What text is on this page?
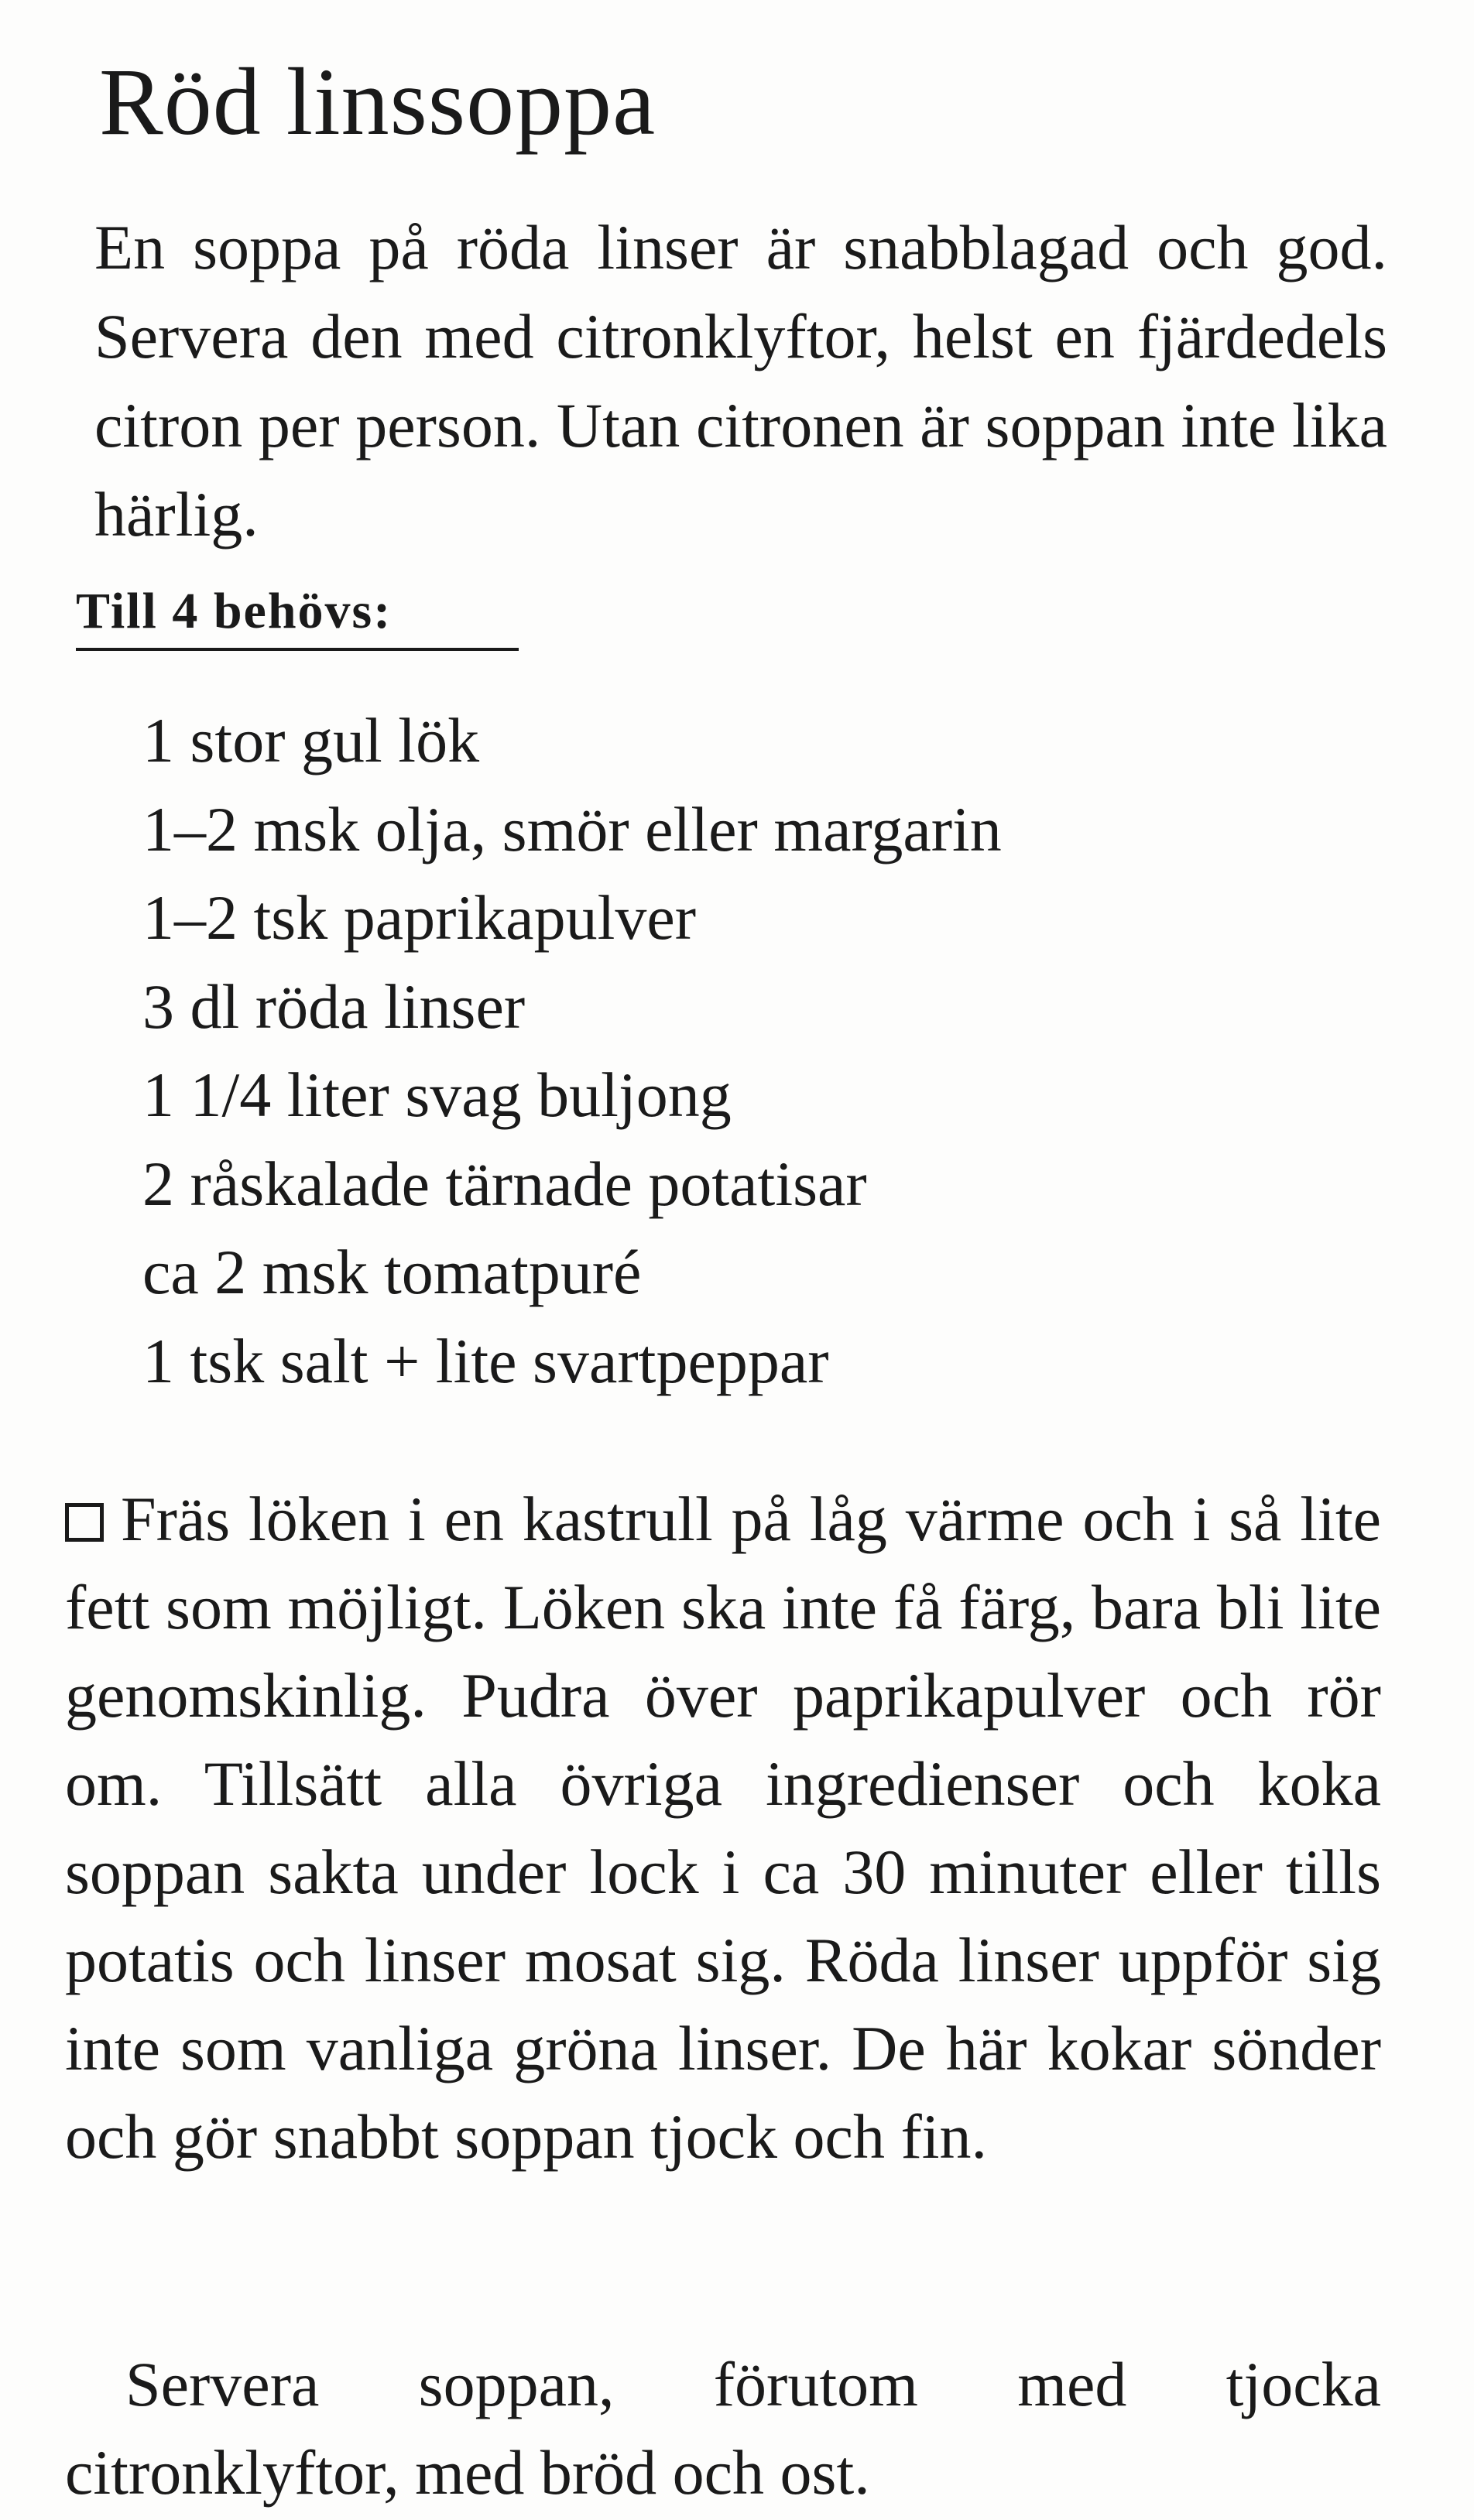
Röd linssoppa

En soppa på röda linser är snabblagad och god. Servera den med citronklyftor, helst en fjärdedels citron per person. Utan citronen är soppan inte lika härlig.

Till 4 behövs:
1 stor gul lök
1–2 msk olja, smör eller margarin
1–2 tsk paprikapulver
3 dl röda linser
1 1/4 liter svag buljong
2 råskalade tärnade potatisar
ca 2 msk tomatpuré
1 tsk salt + lite svartpeppar

Fräs löken i en kastrull på låg värme och i så lite fett som möjligt. Löken ska inte få färg, bara bli lite genomskinlig. Pudra över paprikapulver och rör om. Tillsätt alla övriga ingredienser och koka soppan sakta under lock i ca 30 minuter eller tills potatis och linser mosat sig. Röda linser uppför sig inte som vanliga gröna linser. De här kokar sönder och gör snabbt soppan tjock och fin.

Servera soppan, förutom med tjocka citronklyftor, med bröd och ost.
